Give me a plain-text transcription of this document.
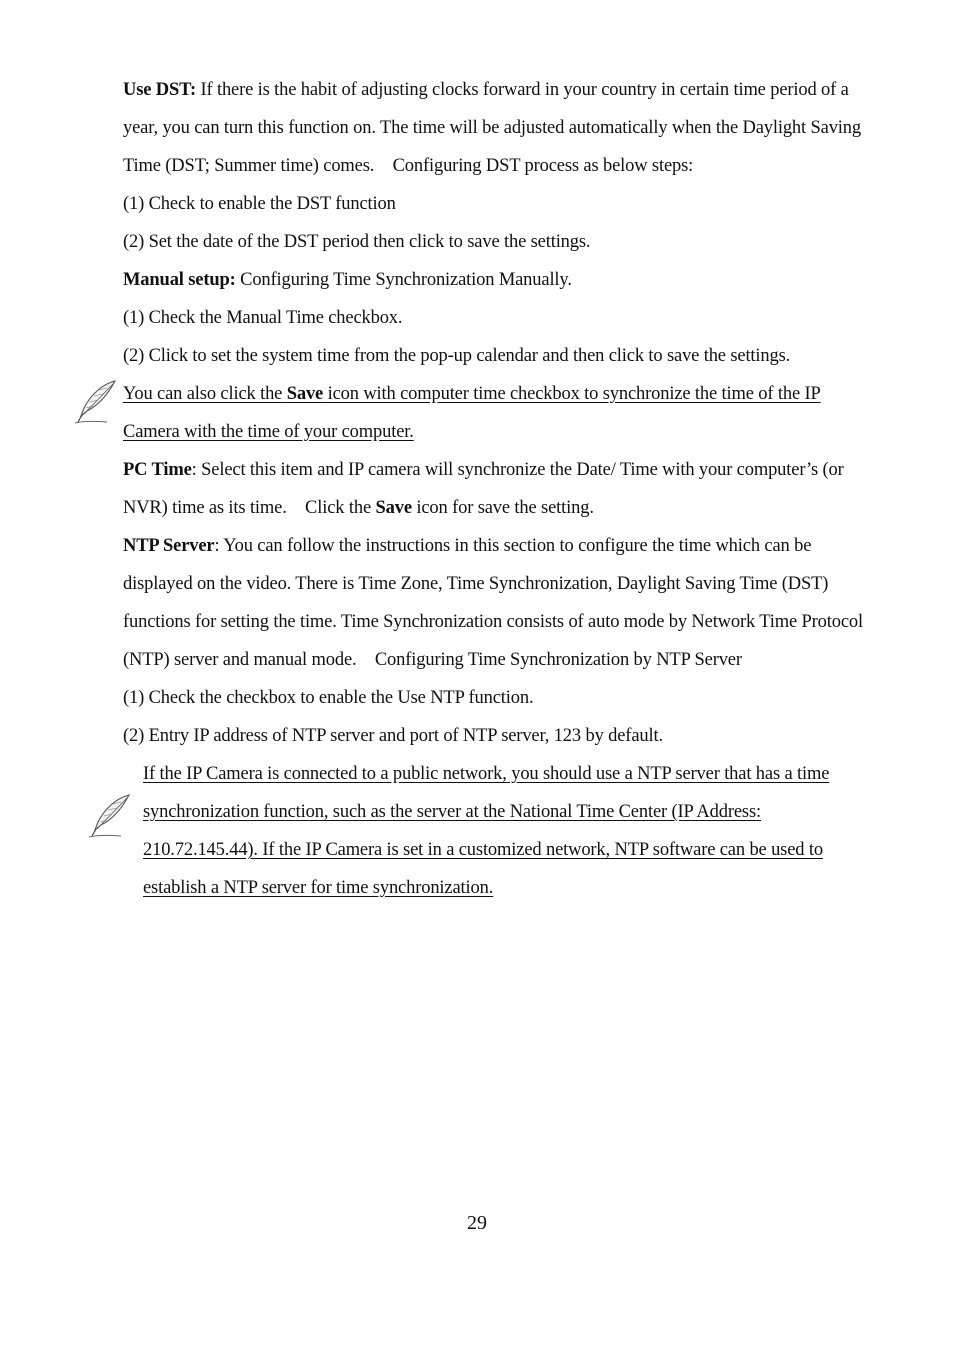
Use DST: If there is the habit of adjusting clocks forward in your country in certain time period of a year, you can turn this function on. The time will be adjusted automatically when the Daylight Saving Time (DST; Summer time) comes. Configuring DST process as below steps:

(1) Check to enable the DST function

(2) Set the date of the DST period then click to save the settings.

Manual setup: Configuring Time Synchronization Manually.

(1) Check the Manual Time checkbox.

(2) Click to set the system time from the pop-up calendar and then click to save the settings.

You can also click the Save icon with computer time checkbox to synchronize the time of the IP Camera with the time of your computer.

PC Time: Select this item and IP camera will synchronize the Date/ Time with your computer’s (or NVR) time as its time. Click the Save icon for save the setting.

NTP Server: You can follow the instructions in this section to configure the time which can be displayed on the video. There is Time Zone, Time Synchronization, Daylight Saving Time (DST) functions for setting the time. Time Synchronization consists of auto mode by Network Time Protocol (NTP) server and manual mode. Configuring Time Synchronization by NTP Server

(1) Check the checkbox to enable the Use NTP function.

(2) Entry IP address of NTP server and port of NTP server, 123 by default.

If the IP Camera is connected to a public network, you should use a NTP server that has a time synchronization function, such as the server at the National Time Center (IP Address: 210.72.145.44). If the IP Camera is set in a customized network, NTP software can be used to establish a NTP server for time synchronization.

29
